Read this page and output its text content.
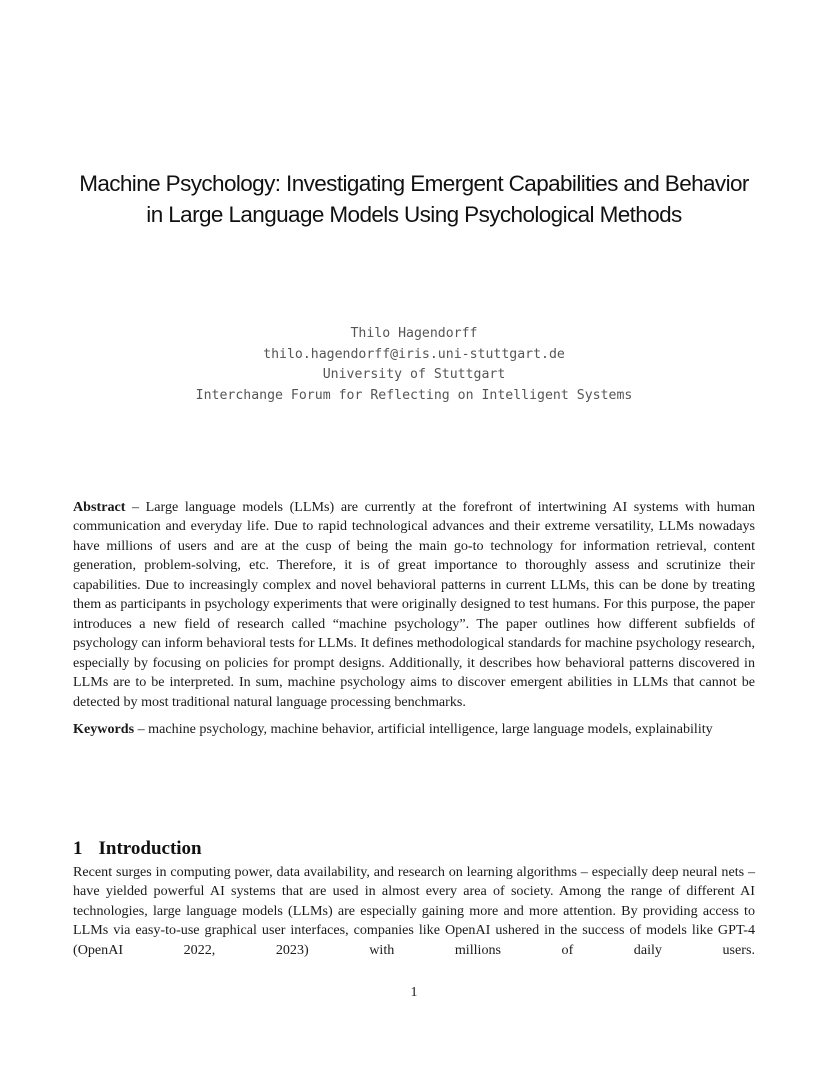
Machine Psychology: Investigating Emergent Capabilities and Behavior
in Large Language Models Using Psychological Methods
Thilo Hagendorff
thilo.hagendorff@iris.uni-stuttgart.de
University of Stuttgart
Interchange Forum for Reflecting on Intelligent Systems

Abstract – Large language models (LLMs) are currently at the forefront of intertwining AI systems with human communication and everyday life. Due to rapid technological advances and their extreme versatility, LLMs nowadays have millions of users and are at the cusp of being the main go-to technology for information retrieval, content generation, problem-solving, etc. Therefore, it is of great importance to thoroughly assess and scrutinize their capabilities. Due to increasingly complex and novel behavioral patterns in current LLMs, this can be done by treating them as participants in psychology experiments that were originally designed to test humans. For this purpose, the paper introduces a new field of research called “machine psychology”. The paper outlines how different subfields of psychology can inform behavioral tests for LLMs. It defines methodological standards for machine psychology research, especially by focusing on policies for prompt designs. Additionally, it describes how behavioral patterns discovered in LLMs are to be interpreted. In sum, machine psychology aims to discover emergent abilities in LLMs that cannot be detected by most traditional natural language processing benchmarks.

Keywords – machine psychology, machine behavior, artificial intelligence, large language models, explainability

1 Introduction

Recent surges in computing power, data availability, and research on learning algorithms – especially deep neural nets – have yielded powerful AI systems that are used in almost every area of society. Among the range of different AI technologies, large language models (LLMs) are especially gaining more and more attention. By providing access to LLMs via easy-to-use graphical user interfaces, companies like OpenAI ushered in the success of models like GPT-4 (OpenAI 2022, 2023) with millions of daily users.

1
